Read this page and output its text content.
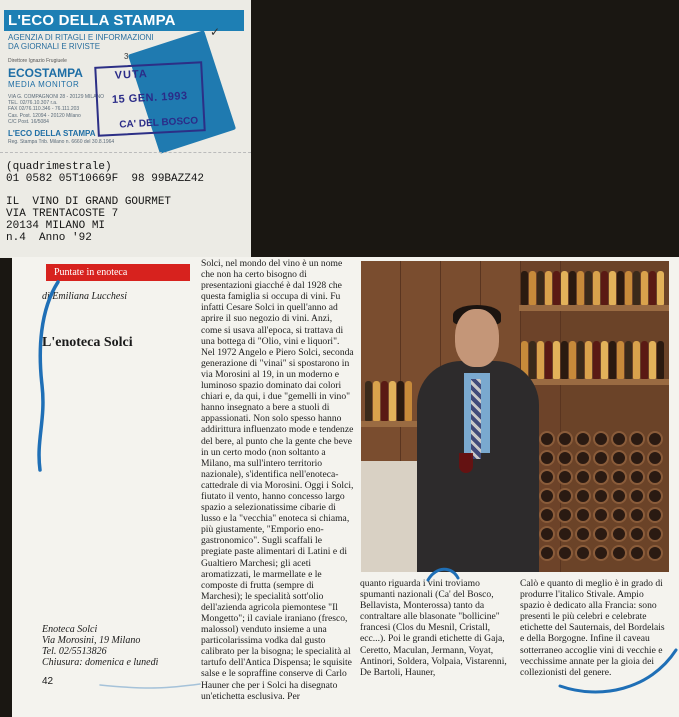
L'ECO DELLA STAMPA
AGENZIA DI RITAGLI E INFORMAZIONI
DA GIORNALI E RIVISTE
Direttore Ignazio Frugiuele
ECOSTAMPA
MEDIA MONITOR
VIA G. COMPAGNONI 28 - 20129 MILANO
TEL. 02/76.10.307 r.a.
FAX 02/76.110.346 - 76.111.203
Cas. Post. 12094 - 20120 Milano
C/C Post. 16/5084
L'ECO DELLA STAMPA
Reg. Stampa Trib. Milano n. 6660 del 30.8.1964
VUTA
15 GEN. 1993
CA' DEL BOSCO
3
✓
(quadrimestrale)
01 0582 05T10669F  98 99BAZZ42
IL  VINO DI GRAND GOURMET
VIA TRENTACOSTE 7
20134 MILANO MI
n.4  Anno '92
Puntate in enoteca
di Emiliana Lucchesi
L'enoteca Solci
Solci, nel mondo del vino è un nome che non ha certo bisogno di presentazioni giacché è dal 1928 che questa famiglia si occupa di vini. Fu infatti Cesare Solci in quell'anno ad aprire il suo negozio di vini. Anzi, come si usava all'epoca, si trattava di una bottega di "Olio, vini e liquori".
Nel 1972 Angelo e Piero Solci, seconda generazione di "vinai" si spostarono in via Morosini al 19, in un moderno e luminoso spazio dominato dai colori chiari e, da qui, i due "gemelli in vino" hanno insegnato a bere a stuoli di appassionati. Non solo spesso hanno addirittura influenzato mode e tendenze del bere, al punto che la gente che beve in un certo modo (non soltanto a Milano, ma sull'intero territorio nazionale), s'identifica nell'enoteca-cattedrale di via Morosini. Oggi i Solci, fiutato il vento, hanno concesso largo spazio a selezionatissime cibarie di lusso e la "vecchia" enoteca si chiama, più giustamente, "Emporio eno-gastronomico". Sugli scaffali le pregiate paste alimentari di Latini e di Gualtiero Marchesi; gli aceti aromatizzati, le marmellate e le composte di frutta (sempre di Marchesi); le specialità sott'olio dell'azienda agricola piemontese "Il Mongetto"; il caviale iraniano (fresco, malossol) venduto insieme a una particolarissima vodka dal gusto calibrato per la bisogna; le specialità al tartufo dell'Antica Dispensa; le squisite salse e le sopraffine conserve di Carlo Hauner che per i Solci ha disegnato un'etichetta esclusiva. Per
quanto riguarda i vini troviamo spumanti nazionali (Ca' del Bosco, Bellavista, Monterossa) tanto da contraltare alle blasonate "bollicine" francesi (Clos du Mesnil, Cristall, ecc...). Poi le grandi etichette di Gaja, Ceretto, Maculan, Jermann, Voyat, Antinori, Soldera, Volpaia, Vistarenni, De Bartoli, Hauner,
Calò e quanto di meglio è in grado di produrre l'italico Stivale. Ampio spazio è dedicato alla Francia: sono presenti le più celebri e celebrate etichette del Sauternais, del Bordelais e della Borgogne. Infine il caveau sotterraneo accoglie vini di vecchie e vecchissime annate per la gioia dei collezionisti del genere.
Enoteca Solci
Via Morosini, 19 Milano
Tel. 02/5513826
Chiusura: domenica e lunedì
42
